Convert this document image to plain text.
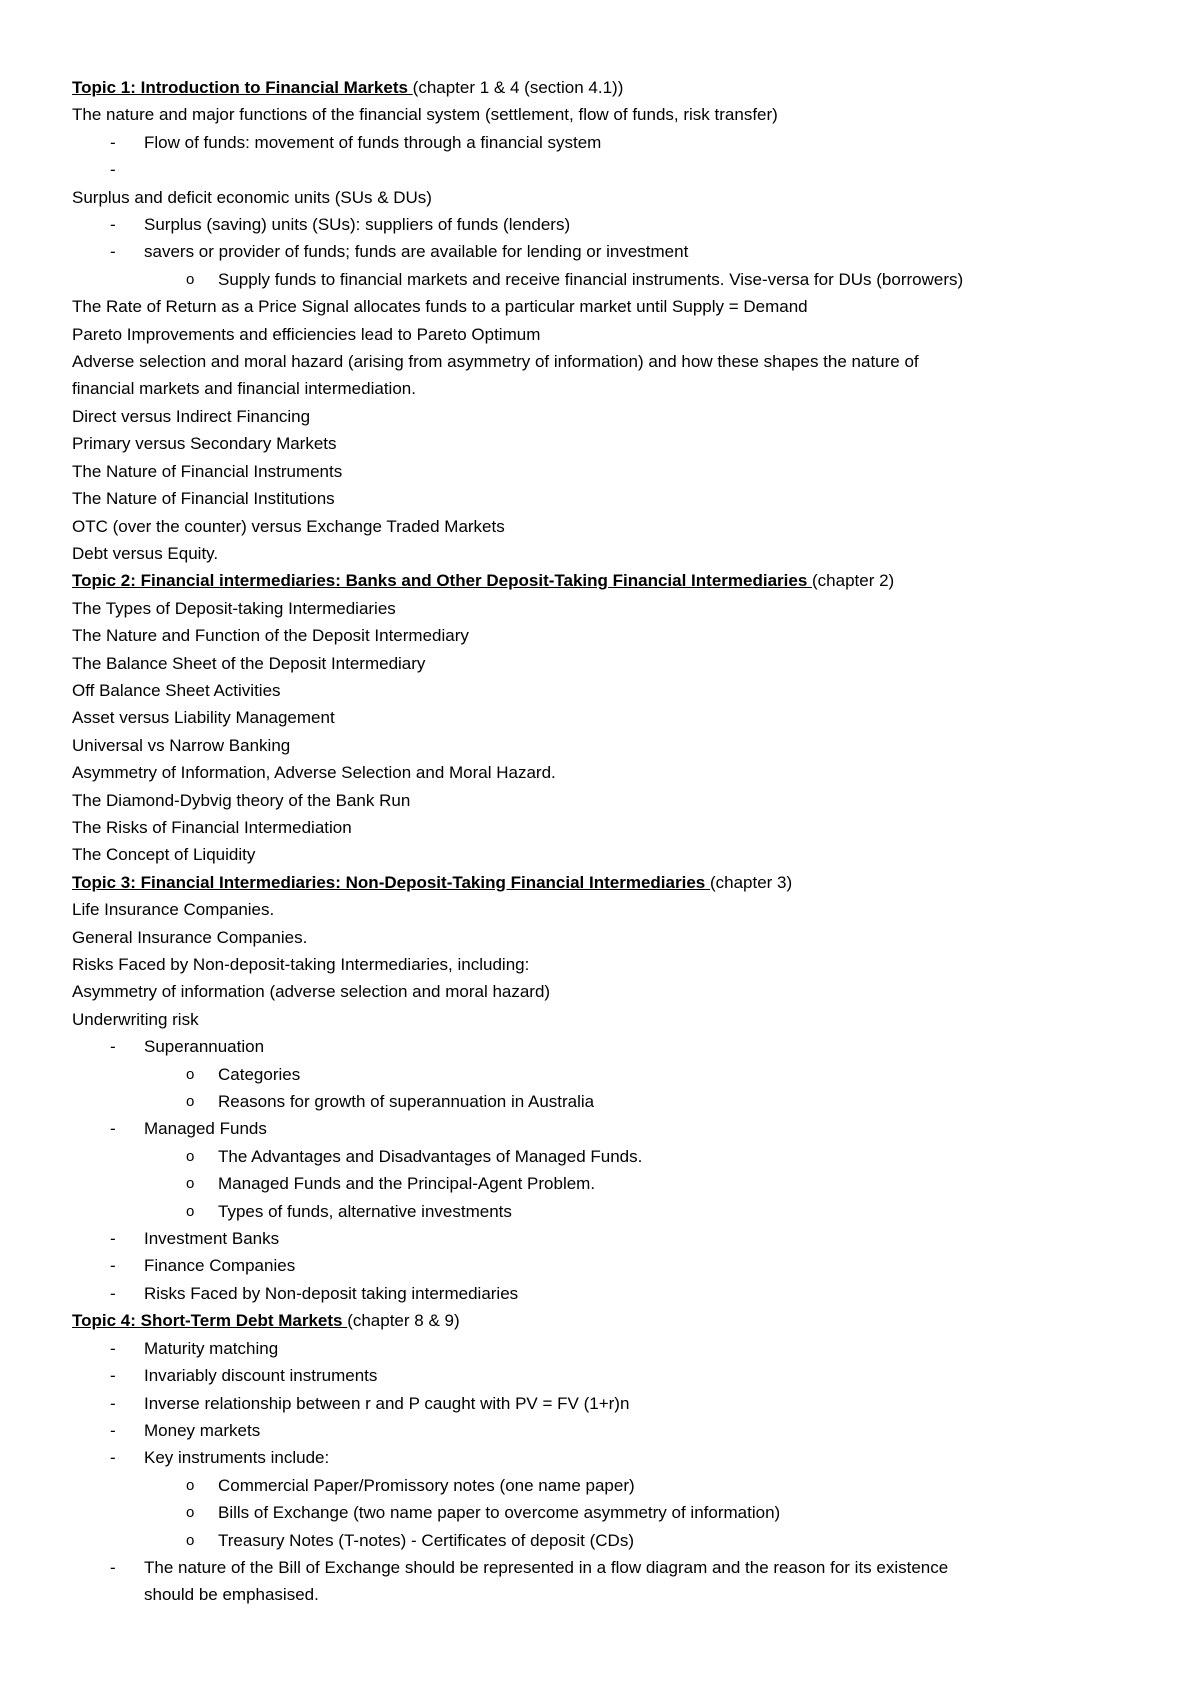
Topic 1: Introduction to Financial Markets (chapter 1 & 4 (section 4.1))
The nature and major functions of the financial system (settlement, flow of funds, risk transfer)
- Flow of funds: movement of funds through a financial system
-

Surplus and deficit economic units (SUs & DUs)
- Surplus (saving) units (SUs): suppliers of funds (lenders)
- savers or provider of funds; funds are available for lending or investment
o Supply funds to financial markets and receive financial instruments. Vise-versa for DUs (borrowers)
The Rate of Return as a Price Signal allocates funds to a particular market until Supply = Demand
Pareto Improvements and efficiencies lead to Pareto Optimum
Adverse selection and moral hazard (arising from asymmetry of information) and how these shapes the nature of
financial markets and financial intermediation.
Direct versus Indirect Financing
Primary versus Secondary Markets
The Nature of Financial Instruments
The Nature of Financial Institutions
OTC (over the counter) versus Exchange Traded Markets
Debt versus Equity.
Topic 2: Financial intermediaries: Banks and Other Deposit-Taking Financial Intermediaries (chapter 2)
The Types of Deposit-taking Intermediaries
The Nature and Function of the Deposit Intermediary
The Balance Sheet of the Deposit Intermediary
Off Balance Sheet Activities
Asset versus Liability Management
Universal vs Narrow Banking
Asymmetry of Information, Adverse Selection and Moral Hazard.
The Diamond-Dybvig theory of the Bank Run
The Risks of Financial Intermediation
The Concept of Liquidity
Topic 3: Financial Intermediaries: Non-Deposit-Taking Financial Intermediaries (chapter 3)
Life Insurance Companies.
General Insurance Companies.
Risks Faced by Non-deposit-taking Intermediaries, including:
Asymmetry of information (adverse selection and moral hazard)
Underwriting risk
- Superannuation
o Categories
o Reasons for growth of superannuation in Australia
- Managed Funds
o The Advantages and Disadvantages of Managed Funds.
o Managed Funds and the Principal-Agent Problem.
o Types of funds, alternative investments
- Investment Banks
- Finance Companies
- Risks Faced by Non-deposit taking intermediaries
Topic 4: Short-Term Debt Markets (chapter 8 & 9)
- Maturity matching
- Invariably discount instruments
- Inverse relationship between r and P caught with PV = FV (1+r)n
- Money markets
- Key instruments include:
o Commercial Paper/Promissory notes (one name paper)
o Bills of Exchange (two name paper to overcome asymmetry of information)
o Treasury Notes (T-notes) - Certificates of deposit (CDs)
- The nature of the Bill of Exchange should be represented in a flow diagram and the reason for its existence
should be emphasised.
